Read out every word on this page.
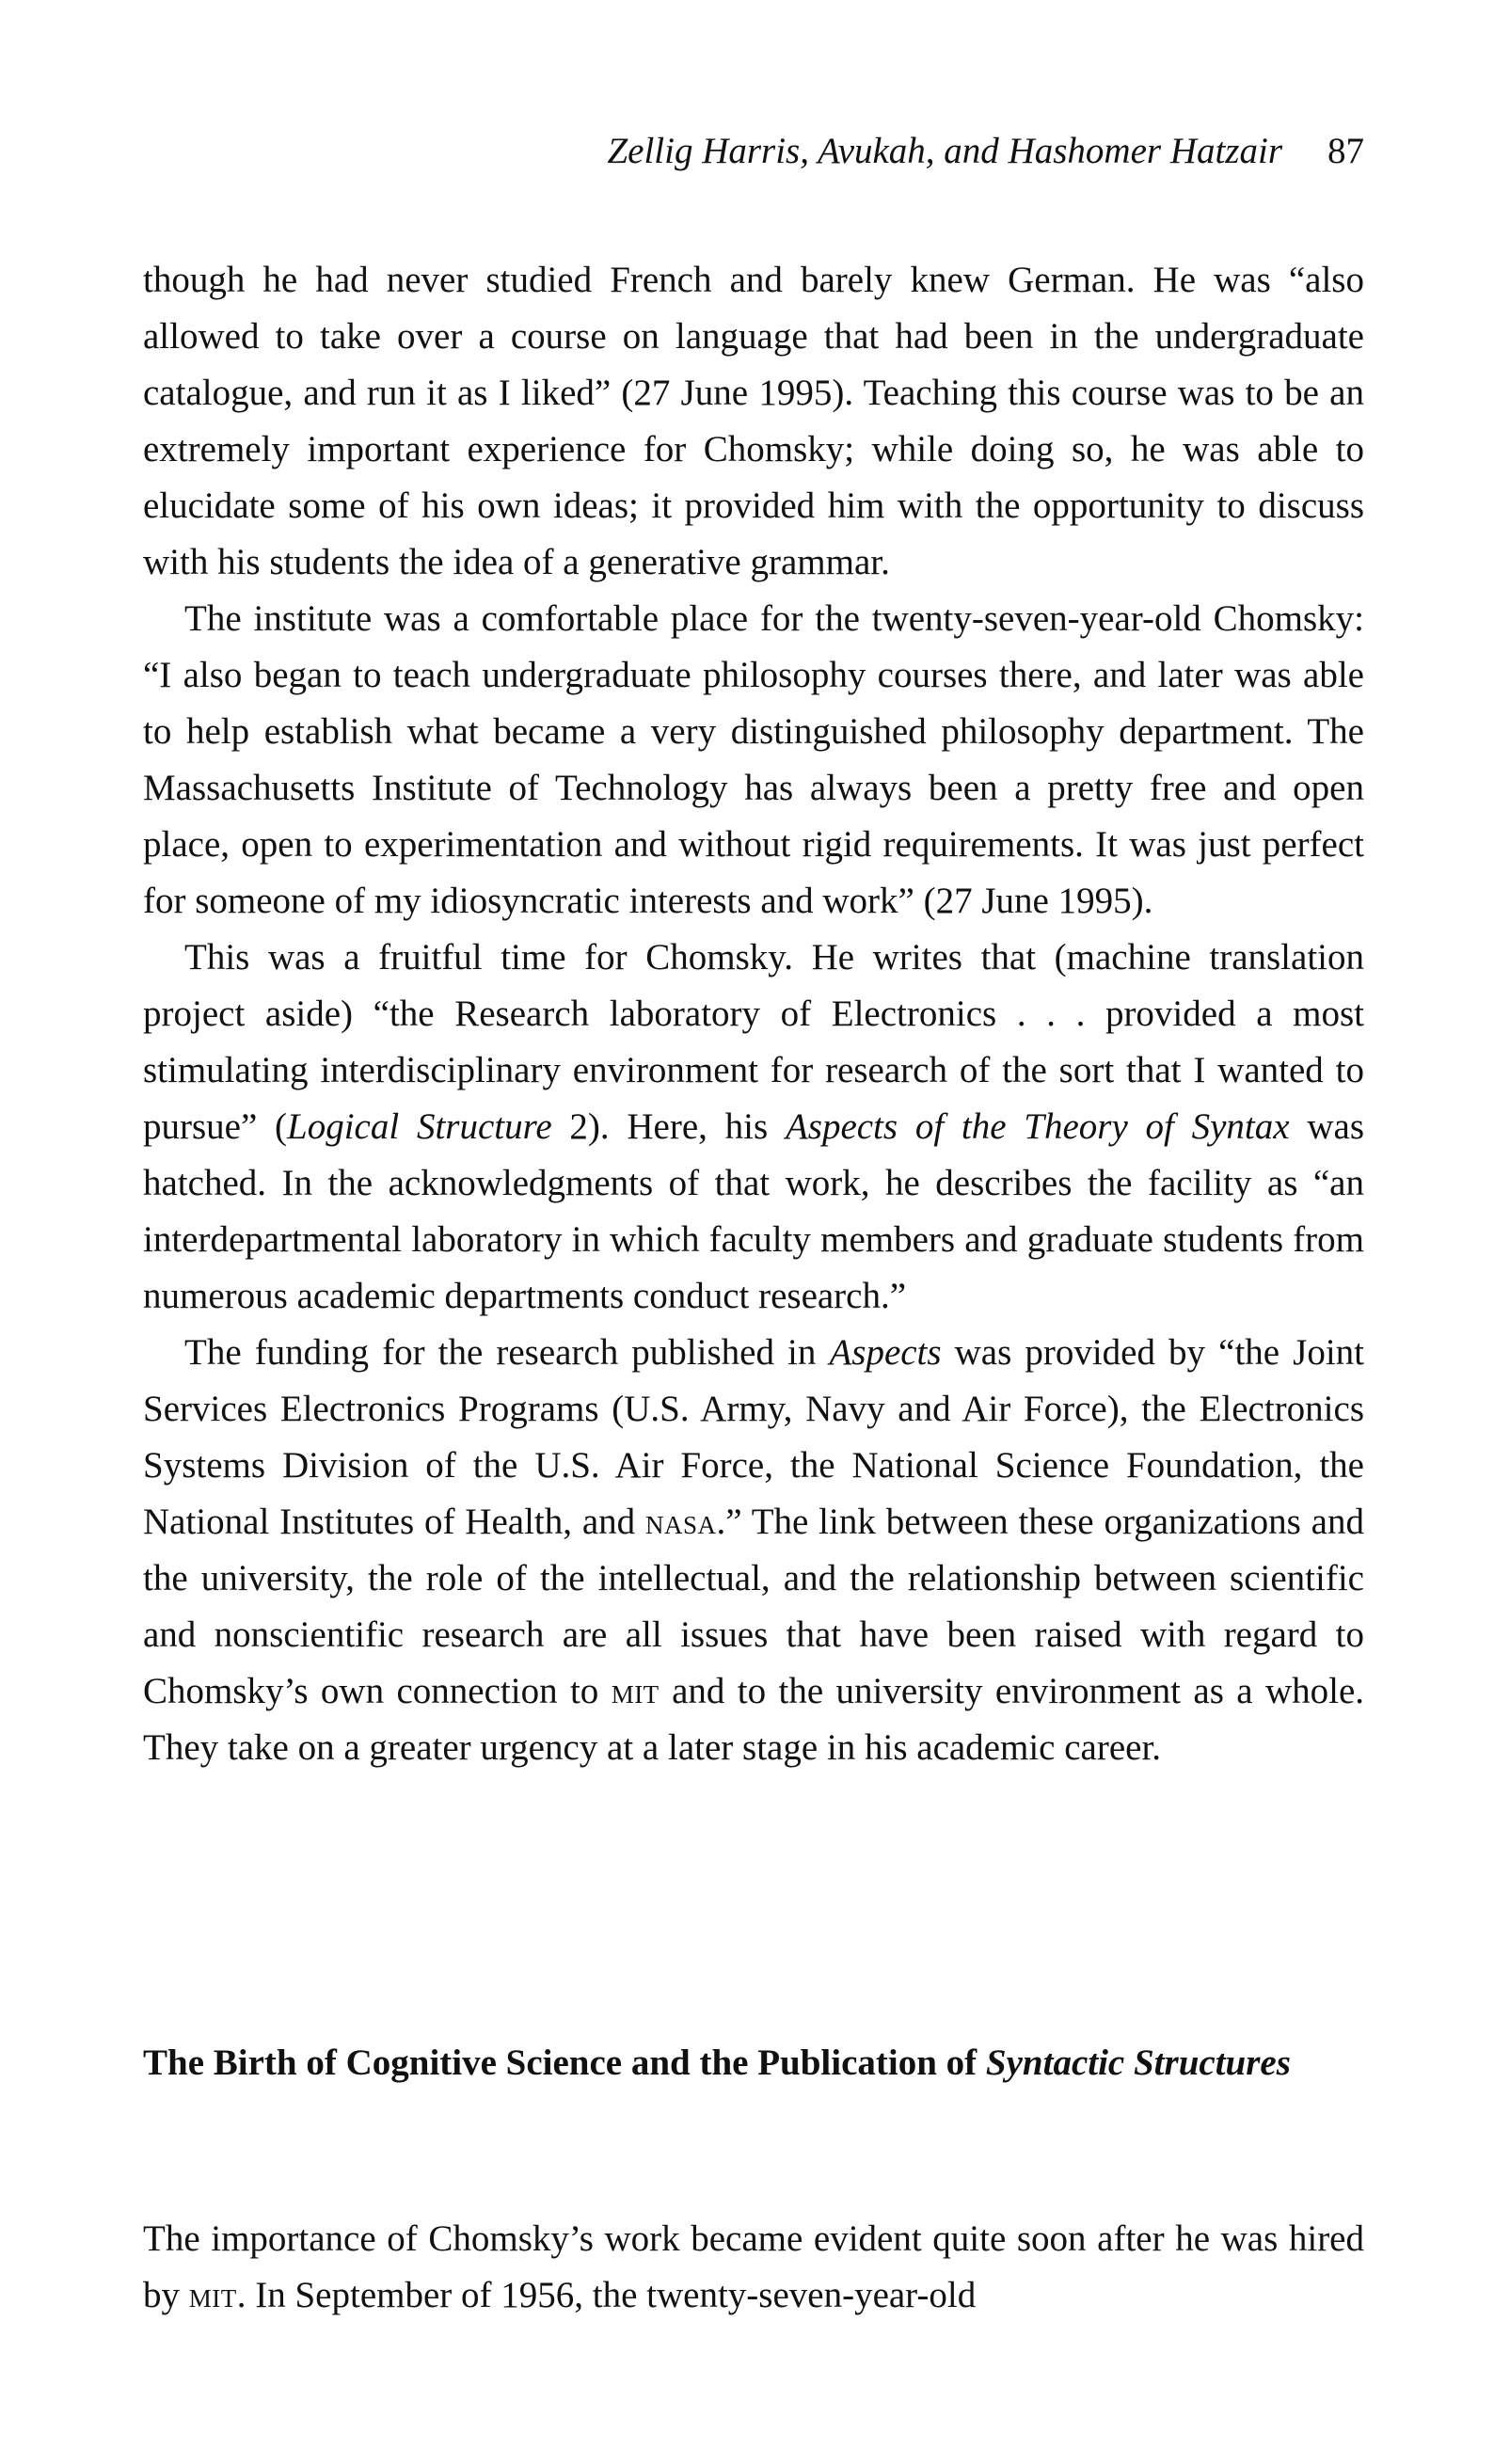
Zellig Harris, Avukah, and Hashomer Hatzair 87

though he had never studied French and barely knew German. He was “also allowed to take over a course on language that had been in the undergraduate catalogue, and run it as I liked” (27 June 1995). Teaching this course was to be an extremely important experience for Chomsky; while doing so, he was able to elucidate some of his own ideas; it provided him with the opportunity to discuss with his students the idea of a generative grammar.

The institute was a comfortable place for the twenty-seven-year-old Chomsky: “I also began to teach undergraduate philosophy courses there, and later was able to help establish what became a very distinguished philosophy department. The Massachusetts Institute of Technology has always been a pretty free and open place, open to experimentation and without rigid requirements. It was just perfect for someone of my idiosyncratic interests and work” (27 June 1995).

This was a fruitful time for Chomsky. He writes that (machine translation project aside) “the Research laboratory of Electronics . . . provided a most stimulating interdisciplinary environment for research of the sort that I wanted to pursue” (Logical Structure 2). Here, his Aspects of the Theory of Syntax was hatched. In the acknowledgments of that work, he describes the facility as “an interdepartmental laboratory in which faculty members and graduate students from numerous academic departments conduct research.”

The funding for the research published in Aspects was provided by “the Joint Services Electronics Programs (U.S. Army, Navy and Air Force), the Electronics Systems Division of the U.S. Air Force, the National Science Foundation, the National Institutes of Health, and nasa.” The link between these organizations and the university, the role of the intellectual, and the relationship between scientific and nonscientific research are all issues that have been raised with regard to Chomsky’s own connection to mit and to the university environment as a whole. They take on a greater urgency at a later stage in his academic career.

The Birth of Cognitive Science and the Publication of Syntactic Structures

The importance of Chomsky’s work became evident quite soon after he was hired by mit. In September of 1956, the twenty-seven-year-old
